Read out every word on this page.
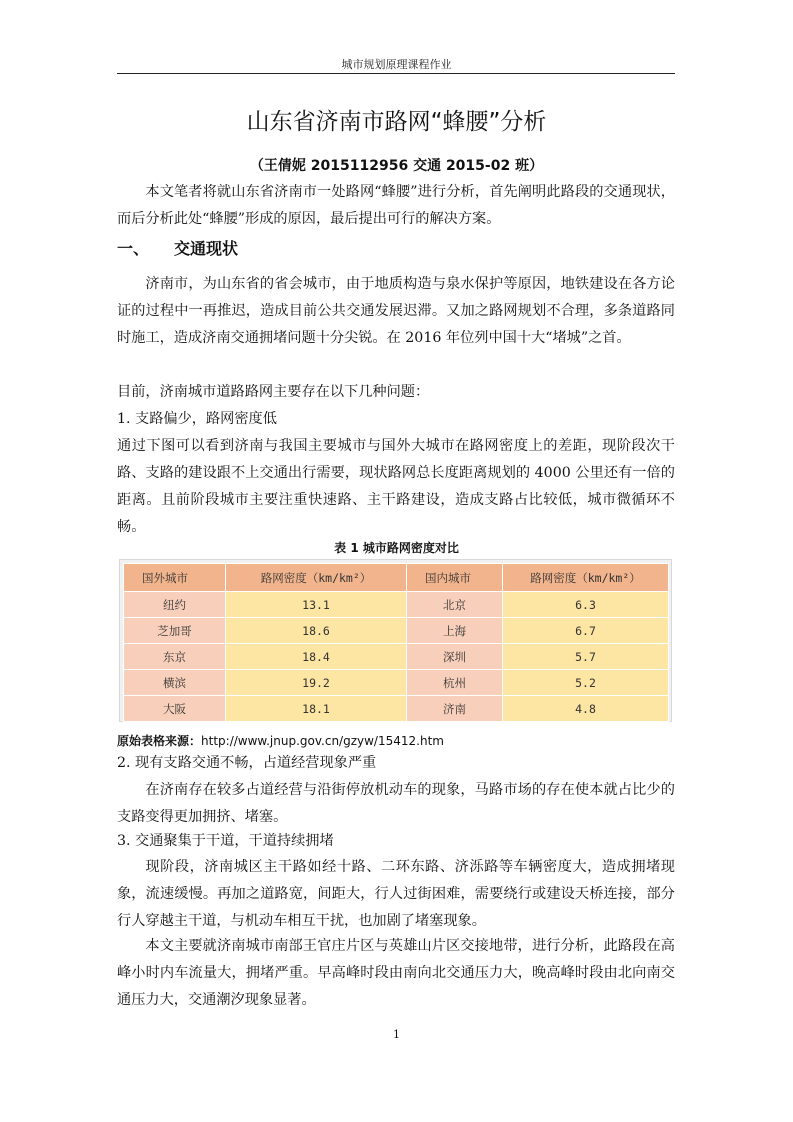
城市规划原理课程作业
山东省济南市路网“蜂腰”分析
（王倩妮 2015112956 交通 2015-02 班）

本文笔者将就山东省济南市一处路网“蜂腰”进行分析，首先阐明此路段的交通现状，而后分析此处“蜂腰”形成的原因，最后提出可行的解决方案。

一、 交通现状

济南市，为山东省的省会城市，由于地质构造与泉水保护等原因，地铁建设在各方论证的过程中一再推迟，造成目前公共交通发展迟滞。又加之路网规划不合理，多条道路同时施工，造成济南交通拥堵问题十分尖锐。在 2016 年位列中国十大“堵城”之首。

目前，济南城市道路路网主要存在以下几种问题：

1. 支路偏少，路网密度低

通过下图可以看到济南与我国主要城市与国外大城市在路网密度上的差距，现阶段次干路、支路的建设跟不上交通出行需要，现状路网总长度距离规划的 4000 公里还有一倍的距离。且前阶段城市主要注重快速路、主干路建设，造成支路占比较低，城市微循环不畅。

表 1 城市路网密度对比
国外城市	路网密度（km/km²）	国内城市	路网密度（km/km²）
纽约	13.1	北京	6.3
芝加哥	18.6	上海	6.7
东京	18.4	深圳	5.7
横滨	19.2	杭州	5.2
大阪	18.1	济南	4.8
原始表格来源：http://www.jnup.gov.cn/gzyw/15412.htm

2. 现有支路交通不畅，占道经营现象严重

在济南存在较多占道经营与沿街停放机动车的现象，马路市场的存在使本就占比少的支路变得更加拥挤、堵塞。

3. 交通聚集于干道，干道持续拥堵

现阶段，济南城区主干路如经十路、二环东路、济泺路等车辆密度大，造成拥堵现象，流速缓慢。再加之道路宽，间距大，行人过街困难，需要绕行或建设天桥连接，部分行人穿越主干道，与机动车相互干扰，也加剧了堵塞现象。

本文主要就济南城市南部王官庄片区与英雄山片区交接地带，进行分析，此路段在高峰小时内车流量大，拥堵严重。早高峰时段由南向北交通压力大，晚高峰时段由北向南交通压力大，交通潮汐现象显著。

1
